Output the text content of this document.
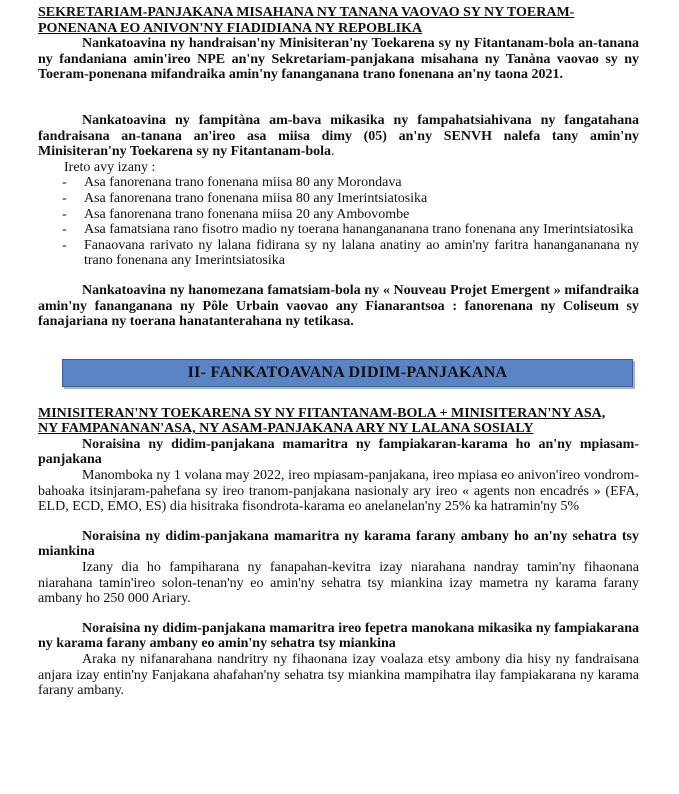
SEKRETARIAM-PANJAKANA MISAHANA NY TANANA VAOVAO SY NY TOERAM-
PONENANA EO ANIVON'NY FIADIDIANA NY REPOBLIKA
Nankatoavina ny handraisan'ny Minisiteran'ny Toekarena sy ny Fitantanam-bola an-tanana ny fandaniana amin'ireo NPE an'ny Sekretariam-panjakana misahana ny Tanàna vaovao sy ny Toeram-ponenana mifandraika amin'ny fananganana trano fonenana an'ny taona 2021.
Nankatoavina ny fampitàna am-bava mikasika ny fampahatsiahivana ny fangatahana fandraisana an-tanana an'ireo asa miisa dimy (05) an'ny SENVH nalefa tany amin'ny Minisiteran'ny Toekarena sy ny Fitantanam-bola.
Ireto avy izany :
- Asa fanorenana trano fonenana miisa 80 any Morondava
- Asa fanorenana trano fonenana miisa 80 any Imerintsiatosika
- Asa fanorenana trano fonenana miisa 20 any Ambovombe
- Asa famatsiana rano fisotro madio ny toerana hanangananana trano fonenana any Imerintsiatosika
- Fanaovana rarivato ny lalana fidirana sy ny lalana anatiny ao amin'ny faritra hanangananana ny trano fonenana any Imerintsiatosika
Nankatoavina ny hanomezana famatsiam-bola ny « Nouveau Projet Emergent » mifandraika amin'ny fananganana ny Pôle Urbain vaovao any Fianarantsoa : fanorenana ny Coliseum sy fanajariana ny toerana hanatanterahana ny tetikasa.
II- FANKATOAVANA DIDIM-PANJAKANA
MINISITERAN'NY TOEKARENA SY NY FITANTANAM-BOLA + MINISITERAN'NY ASA,
NY FAMPANANAN'ASA, NY ASAM-PANJAKANA ARY NY LALANA SOSIALY
Noraisina ny didim-panjakana mamaritra ny fampiakaran-karama ho an'ny mpiasam-panjakana
Manomboka ny 1 volana may 2022, ireo mpiasam-panjakana, ireo mpiasa eo anivon'ireo vondrom-bahoaka itsinjaram-pahefana sy ireo tranom-panjakana nasionaly ary ireo « agents non encadrés » (EFA, ELD, ECD, EMO, ES) dia hisitraka fisondrota-karama eo anelanelan'ny 25% ka hatramin'ny 5%
Noraisina ny didim-panjakana mamaritra ny karama farany ambany ho an'ny sehatra tsy miankina
Izany dia ho fampiharana ny fanapahan-kevitra izay niarahana nandray tamin'ny fihaonana niarahana tamin'ireo solon-tenan'ny eo amin'ny sehatra tsy miankina izay mametra ny karama farany ambany ho 250 000 Ariary.
Noraisina ny didim-panjakana mamaritra ireo fepetra manokana mikasika ny fampiakarana ny karama farany ambany eo amin'ny sehatra tsy miankina
Araka ny nifanarahana nandritry ny fihaonana izay voalaza etsy ambony dia hisy ny fandraisana anjara izay entin'ny Fanjakana ahafahan'ny sehatra tsy miankina mampihatra ilay fampiakarana ny karama farany ambany.
